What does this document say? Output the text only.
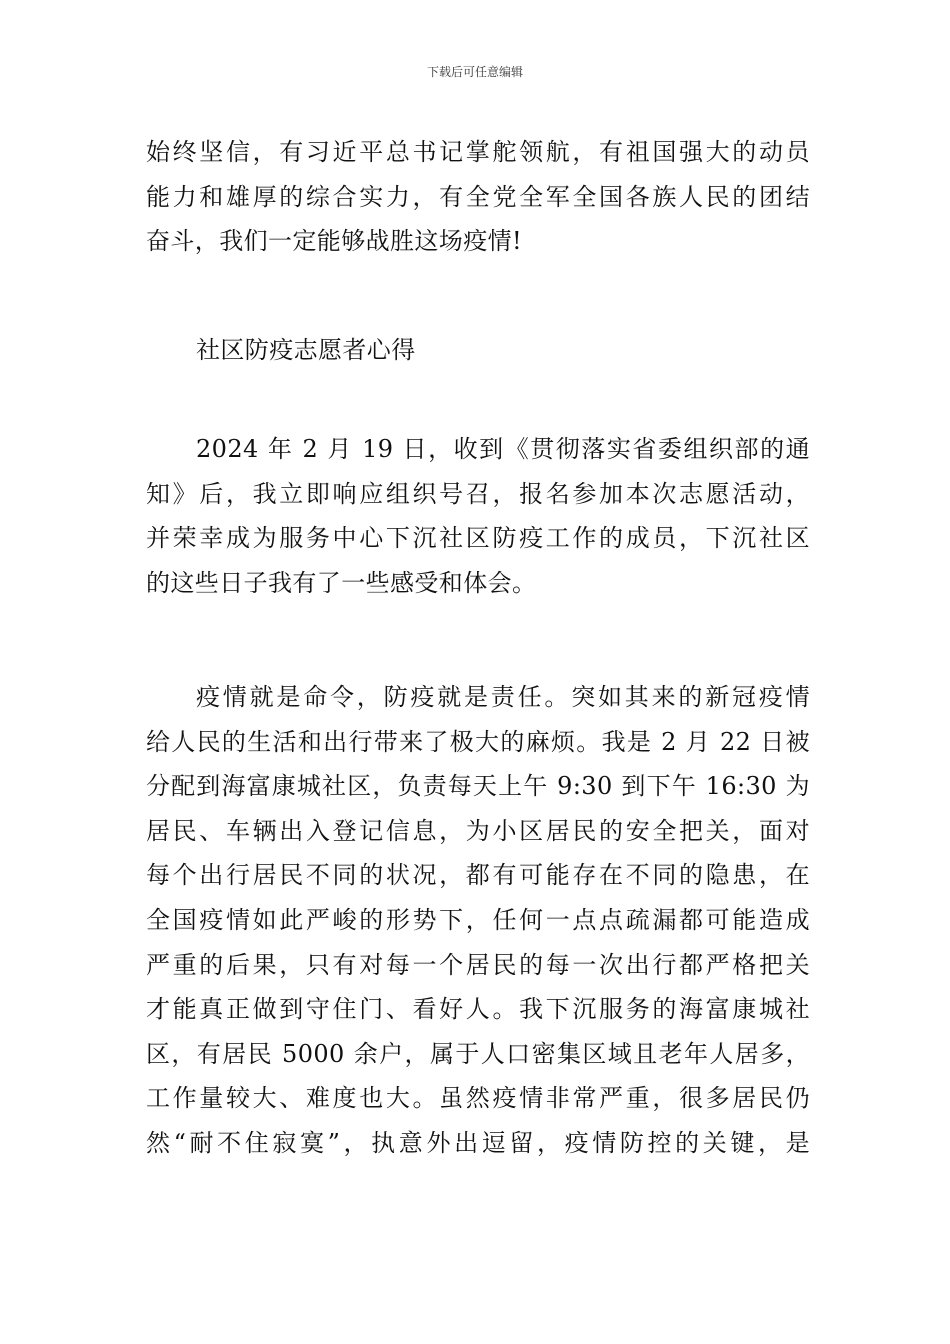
下载后可任意编辑
始终坚信，有习近平总书记掌舵领航，有祖国强大的动员
能力和雄厚的综合实力，有全党全军全国各族人民的团结
奋斗，我们一定能够战胜这场疫情!
社区防疫志愿者心得
2024 年 2 月 19 日，收到《贯彻落实省委组织部的通
知》后，我立即响应组织号召，报名参加本次志愿活动，
并荣幸成为服务中心下沉社区防疫工作的成员，下沉社区
的这些日子我有了一些感受和体会。
疫情就是命令，防疫就是责任。突如其来的新冠疫情
给人民的生活和出行带来了极大的麻烦。我是 2 月 22 日被
分配到海富康城社区，负责每天上午 9:30 到下午 16:30 为
居民、车辆出入登记信息，为小区居民的安全把关，面对
每个出行居民不同的状况，都有可能存在不同的隐患，在
全国疫情如此严峻的形势下，任何一点点疏漏都可能造成
严重的后果，只有对每一个居民的每一次出行都严格把关
才能真正做到守住门、看好人。我下沉服务的海富康城社
区，有居民 5000 余户，属于人口密集区域且老年人居多，
工作量较大、难度也大。虽然疫情非常严重，很多居民仍
然“耐不住寂寞”，执意外出逗留，疫情防控的关键，是
